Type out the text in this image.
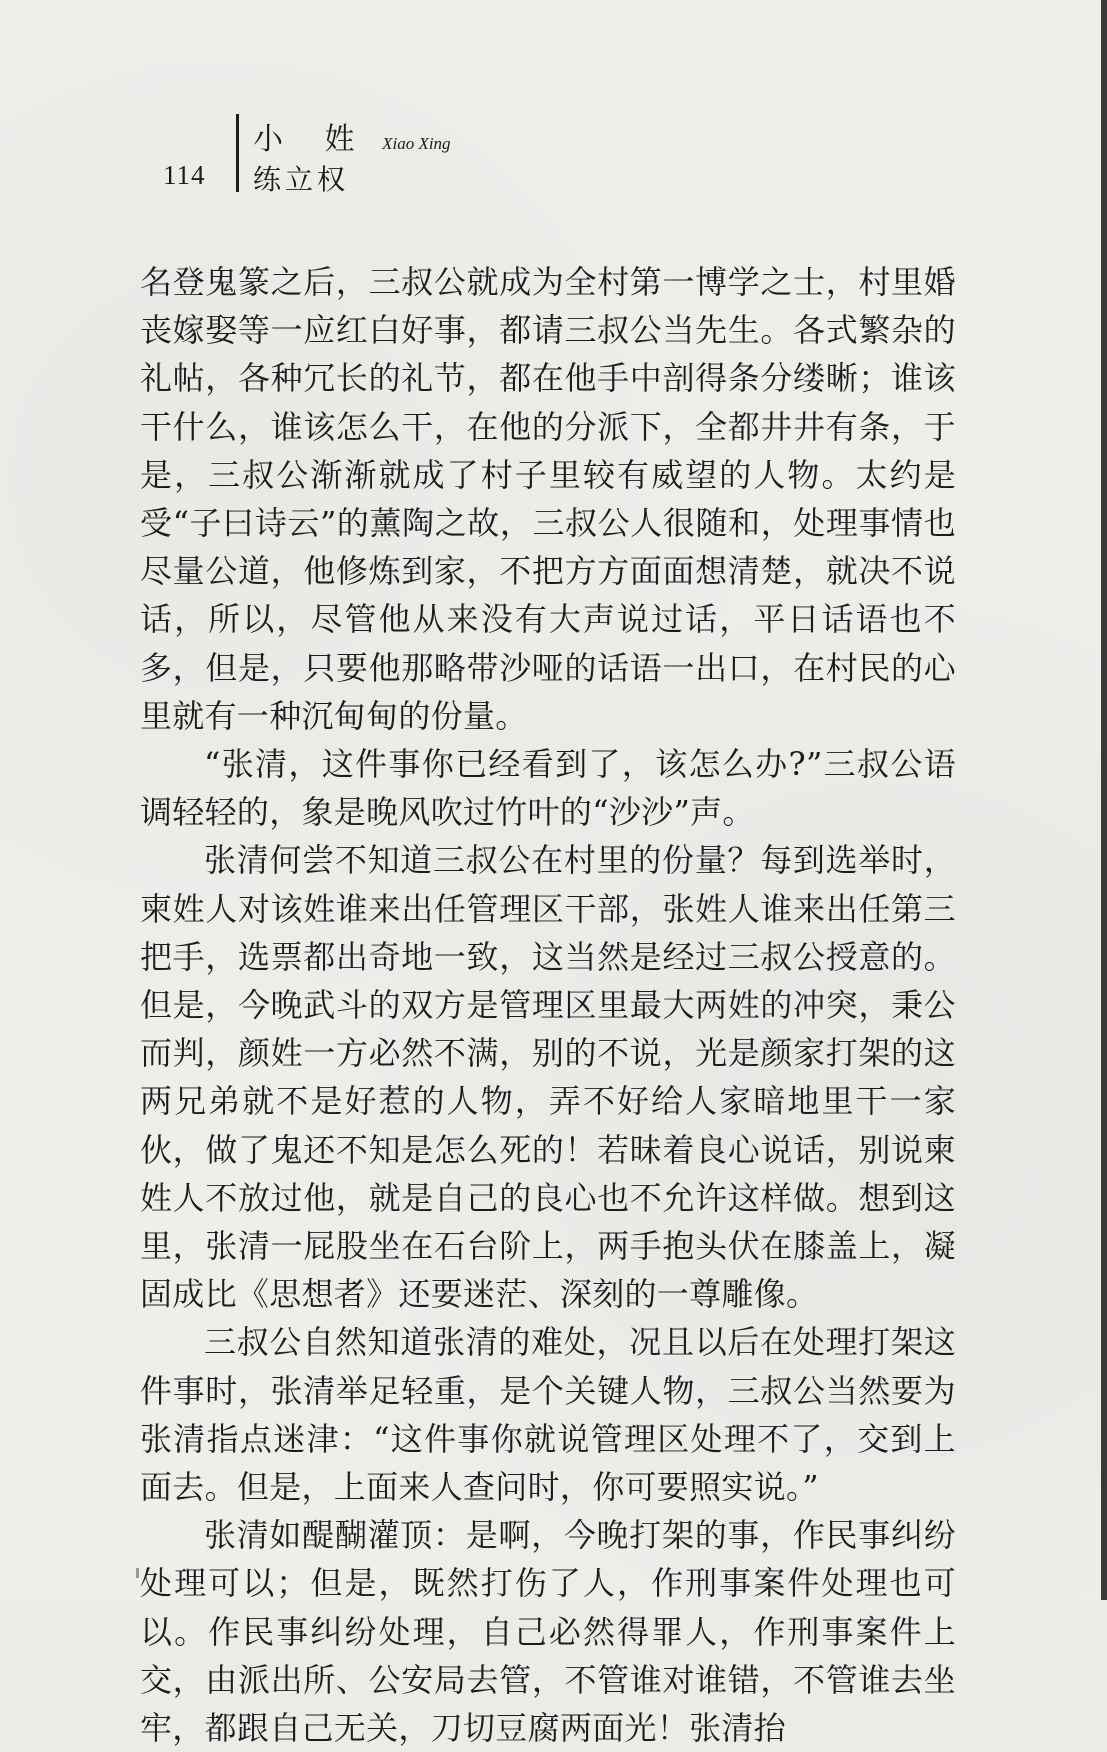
114
小 姓 Xiao Xing
练立权

名登鬼篆之后，三叔公就成为全村第一博学之士，村里婚丧嫁娶等一应红白好事，都请三叔公当先生。各式繁杂的礼帖，各种冗长的礼节，都在他手中剖得条分缕晰；谁该干什么，谁该怎么干，在他的分派下，全都井井有条，于是，三叔公渐渐就成了村子里较有威望的人物。太约是受“子曰诗云”的薰陶之故，三叔公人很随和，处理事情也尽量公道，他修炼到家，不把方方面面想清楚，就决不说话，所以，尽管他从来没有大声说过话，平日话语也不多，但是，只要他那略带沙哑的话语一出口，在村民的心里就有一种沉甸甸的份量。

“张清，这件事你已经看到了，该怎么办?”三叔公语调轻轻的，象是晚风吹过竹叶的“沙沙”声。

张清何尝不知道三叔公在村里的份量？每到选举时，柬姓人对该姓谁来出任管理区干部，张姓人谁来出任第三把手，选票都出奇地一致，这当然是经过三叔公授意的。但是，今晚武斗的双方是管理区里最大两姓的冲突，秉公而判，颜姓一方必然不满，别的不说，光是颜家打架的这两兄弟就不是好惹的人物，弄不好给人家暗地里干一家伙，做了鬼还不知是怎么死的！若昧着良心说话，别说柬姓人不放过他，就是自己的良心也不允许这样做。想到这里，张清一屁股坐在石台阶上，两手抱头伏在膝盖上，凝固成比《思想者》还要迷茫、深刻的一尊雕像。

三叔公自然知道张清的难处，况且以后在处理打架这件事时，张清举足轻重，是个关键人物，三叔公当然要为张清指点迷津：“这件事你就说管理区处理不了，交到上面去。但是，上面来人查问时，你可要照实说。”

张清如醍醐灌顶：是啊，今晚打架的事，作民事纠纷处理可以；但是，既然打伤了人，作刑事案件处理也可以。作民事纠纷处理，自己必然得罪人，作刑事案件上交，由派出所、公安局去管，不管谁对谁错，不管谁去坐牢，都跟自己无关，刀切豆腐两面光！张清抬
